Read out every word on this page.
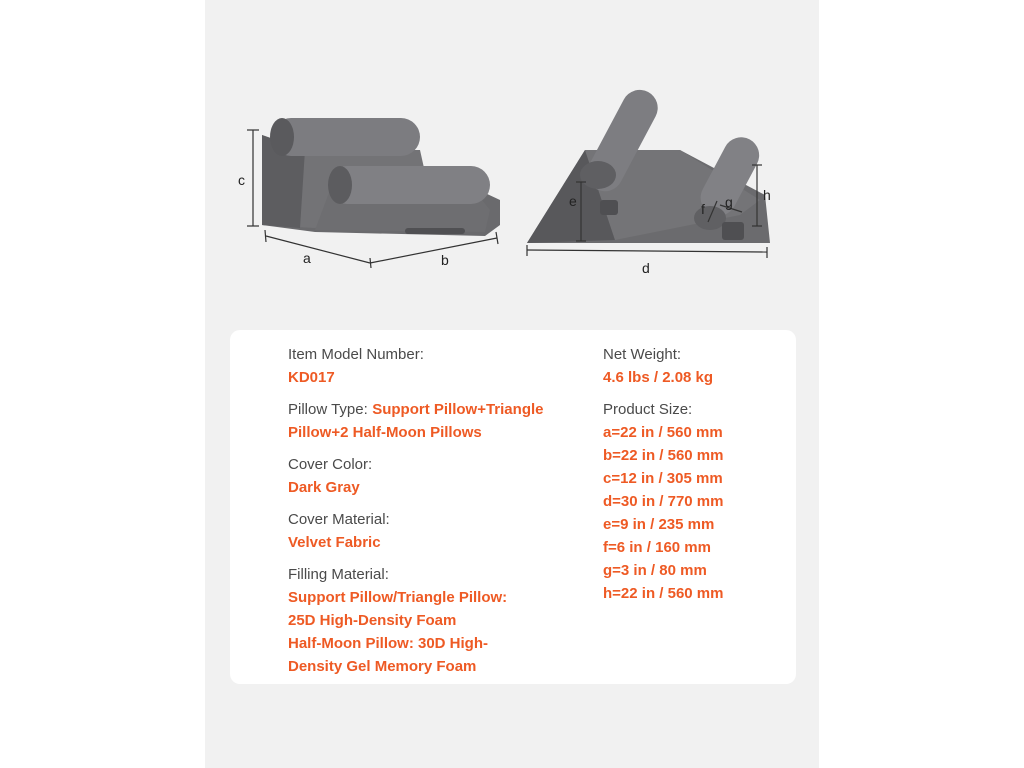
c
a	b	d
e	f g h
Item Model Number:
KD017
Pillow Type: Support Pillow+Triangle
Pillow+2 Half-Moon Pillows
Cover Color:
Dark Gray
Cover Material:
Velvet Fabric
Filling Material:
Support Pillow/Triangle Pillow:
25D High-Density Foam
Half-Moon Pillow: 30D High-
Density Gel Memory Foam
Net Weight:
4.6 lbs / 2.08 kg
Product Size:
a=22 in / 560 mm
b=22 in / 560 mm
c=12 in / 305 mm
d=30 in / 770 mm
e=9 in / 235 mm
f=6 in / 160 mm
g=3 in / 80 mm
h=22 in / 560 mm
